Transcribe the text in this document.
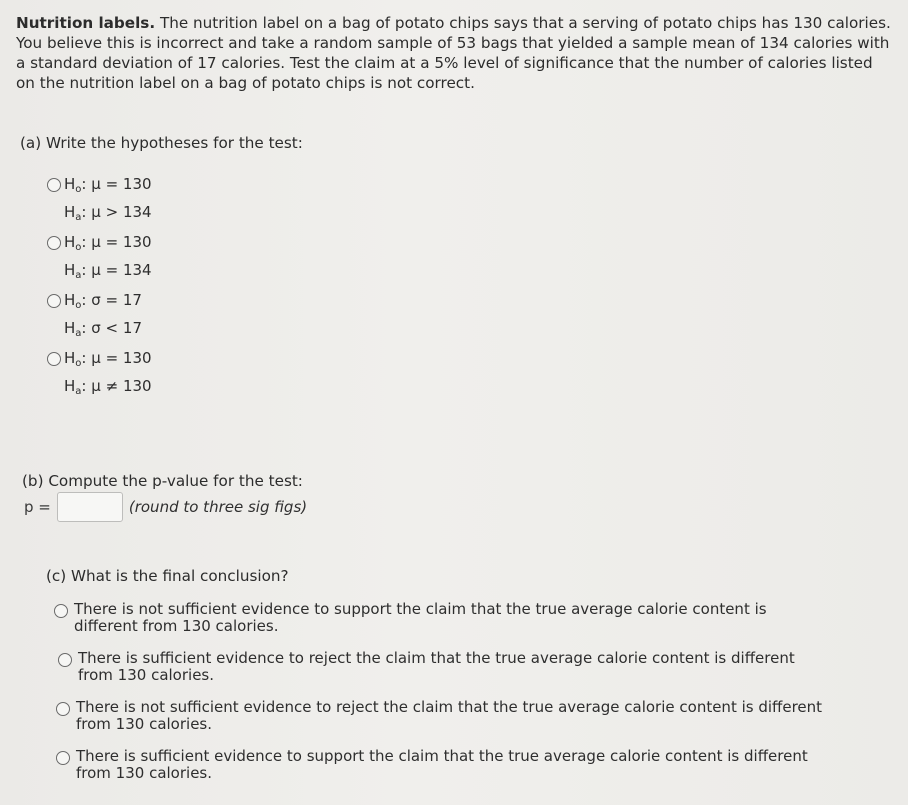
Nutrition labels. The nutrition label on a bag of potato chips says that a serving of potato chips has 130 calories. You believe this is incorrect and take a random sample of 53 bags that yielded a sample mean of 134 calories with a standard deviation of 17 calories. Test the claim at a 5% level of significance that the number of calories listed on the nutrition label on a bag of potato chips is not correct.
(a) Write the hypotheses for the test:
$H_o$: μ = 130
$H_a$: μ > 134
$H_o$: μ = 130
$H_a$: μ = 134
$H_o$: σ = 17
$H_a$: σ < 17
$H_o$: μ = 130
$H_a$: μ ≠ 130
(b) Compute the p-value for the test:
p =	(round to three sig figs)
(c) What is the final conclusion?
There is not sufficient evidence to support the claim that the true average calorie content is different from 130 calories.
There is sufficient evidence to reject the claim that the true average calorie content is different from 130 calories.
There is not sufficient evidence to reject the claim that the true average calorie content is different from 130 calories.
There is sufficient evidence to support the claim that the true average calorie content is different from 130 calories.
